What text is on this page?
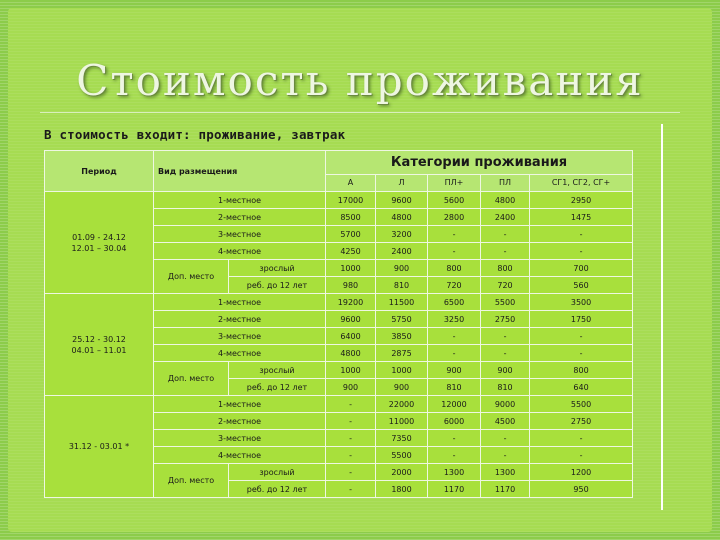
Стоимость проживания
В стоимость входит: проживание, завтрак
Период	Вид размещения		Категории проживания				
			А	Л	ПЛ+	ПЛ	СГ1, СГ2, СГ+

01.09 - 24.12
12.01 – 30.04	1-местное		17000	9600	5600	4800	2950
	2-местное		8500	4800	2800	2400	1475
	3-местное		5700	3200	-	-	-
	4-местное		4250	2400	-	-	-
	Доп. место	зрослый	1000	900	800	800	700
		реб. до 12 лет	980	810	720	720	560

25.12 - 30.12
04.01 – 11.01	1-местное		19200	11500	6500	5500	3500
	2-местное		9600	5750	3250	2750	1750
	3-местное		6400	3850	-	-	-
	4-местное		4800	2875	-	-	-
	Доп. место	зрослый	1000	1000	900	900	800
		реб. до 12 лет	900	900	810	810	640

31.12 - 03.01 *	1-местное		-	22000	12000	9000	5500
	2-местное		-	11000	6000	4500	2750
	3-местное		-	7350	-	-	-
	4-местное		-	5500	-	-	-
	Доп. место	зрослый	-	2000	1300	1300	1200
		реб. до 12 лет	-	1800	1170	1170	950
